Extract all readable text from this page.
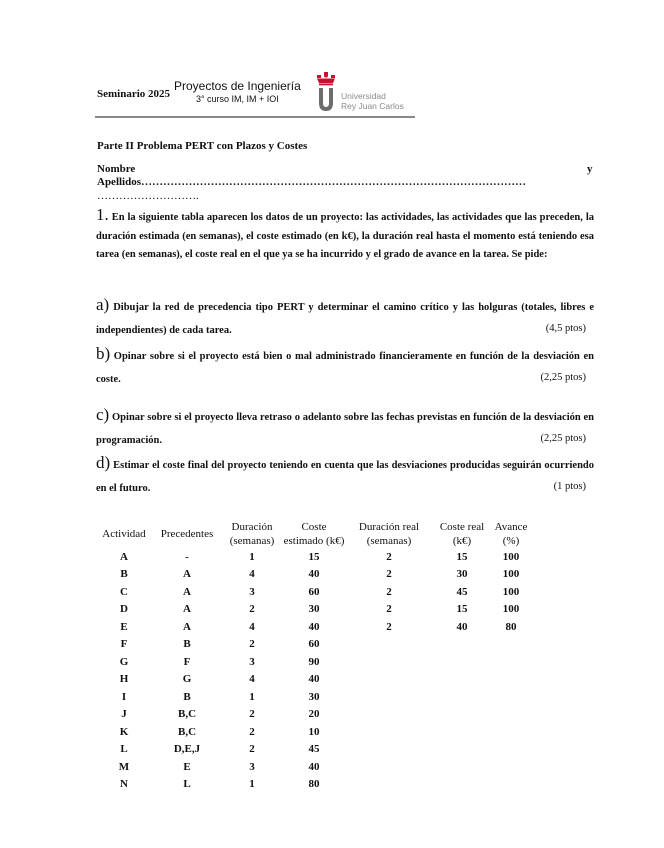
Seminario 2025
Proyectos de Ingeniería
3° curso IM, IM + IOI	Universidad
Rey Juan Carlos
Parte II Problema PERT con Plazos y Costes
Nombre	y
Apellidos……………………………………………………………………………………………
……………………….
1. En la siguiente tabla aparecen los datos de un proyecto: las actividades, las actividades que las preceden, la duración estimada (en semanas), el coste estimado (en k€), la duración real hasta el momento está teniendo esa tarea (en semanas), el coste real en el que ya se ha incurrido y el grado de avance en la tarea. Se pide:
a) Dibujar la red de precedencia tipo PERT y determinar el camino crítico y las holguras (totales, libres e independientes) de cada tarea.	(4,5 ptos)
b) Opinar sobre si el proyecto está bien o mal administrado financieramente en función de la desviación en coste.	(2,25 ptos)
c) Opinar sobre si el proyecto lleva retraso o adelanto sobre las fechas previstas en función de la desviación en programación.	(2,25 ptos)
d) Estimar el coste final del proyecto teniendo en cuenta que las desviaciones producidas seguirán ocurriendo en el futuro.	(1 ptos)
Actividad	Precedentes	Duración (semanas)	Coste estimado (k€)	Duración real (semanas)	Coste real (k€)	Avance (%)
A	-	1	15	2	15	100
B	A	4	40	2	30	100
C	A	3	60	2	45	100
D	A	2	30	2	15	100
E	A	4	40	2	40	80
F	B	2	60			
G	F	3	90			
H	G	4	40			
I	B	1	30			
J	B,C	2	20			
K	B,C	2	10			
L	D,E,J	2	45			
M	E	3	40			
N	L	1	80			
